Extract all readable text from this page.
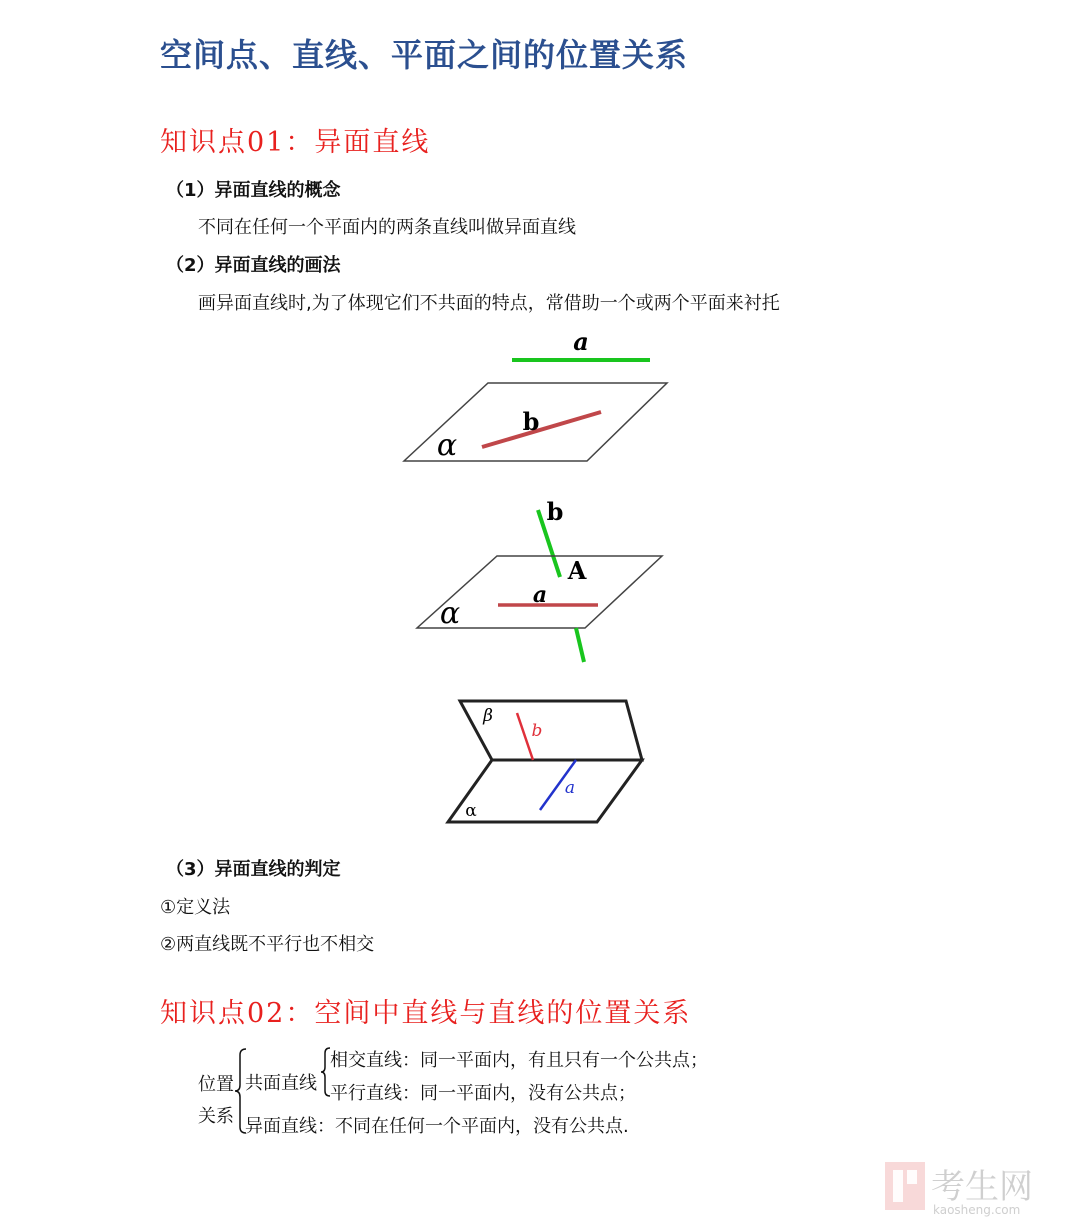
空间点、直线、平面之间的位置关系
知识点01：异面直线
（1）异面直线的概念
不同在任何一个平面内的两条直线叫做异面直线
（2）异面直线的画法
画异面直线时,为了体现它们不共面的特点，常借助一个或两个平面来衬托
a
b
α
b
A
a
α
β
b
a
α
（3）异面直线的判定
①定义法
②两直线既不平行也不相交
知识点02：空间中直线与直线的位置关系
位置
关系
共面直线
相交直线：同一平面内，有且只有一个公共点；
平行直线：同一平面内，没有公共点；
异面直线：不同在任何一个平面内，没有公共点.
考生网
kaosheng.com
